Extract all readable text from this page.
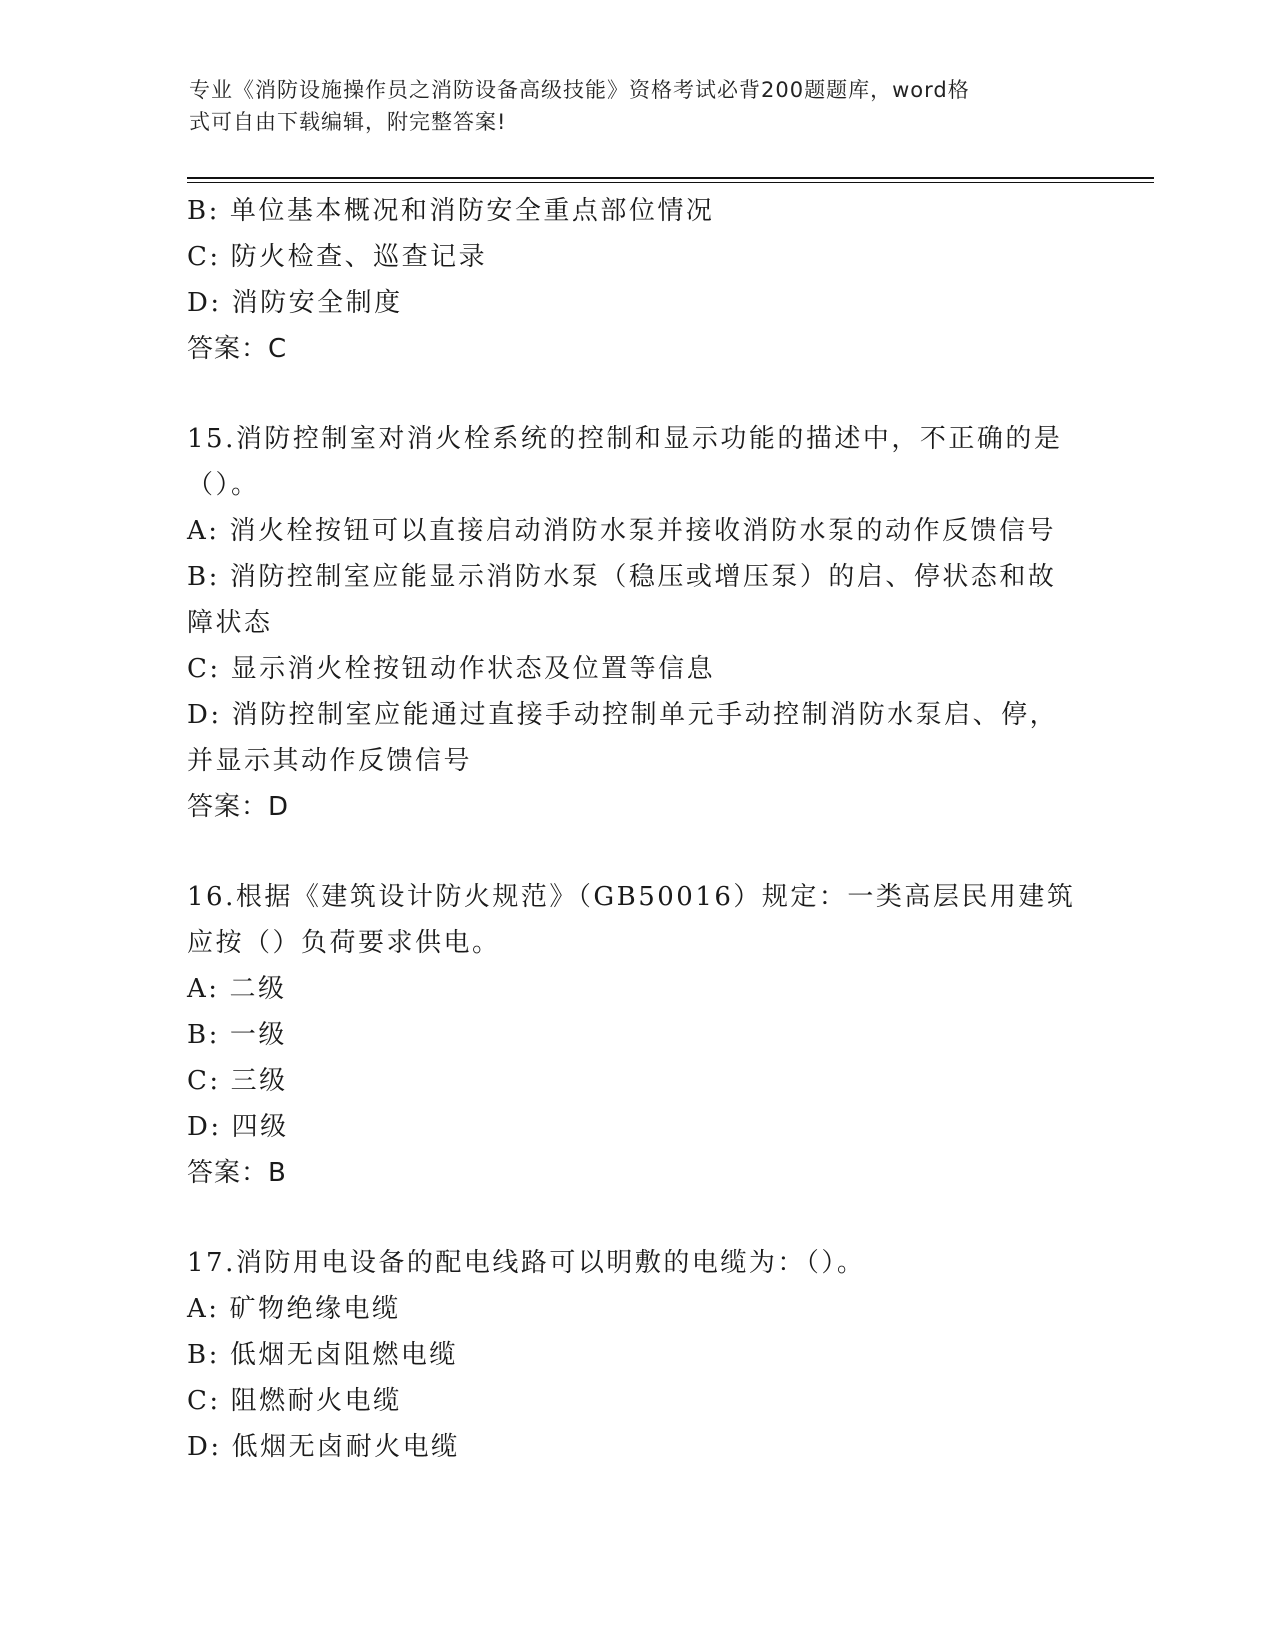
专业《消防设施操作员之消防设备高级技能》资格考试必背200题题库，word格
式可自由下载编辑，附完整答案!
B: 单位基本概况和消防安全重点部位情况
C: 防火检查、巡查记录
D: 消防安全制度
答案：C
15.消防控制室对消火栓系统的控制和显示功能的描述中，不正确的是
（）。
A: 消火栓按钮可以直接启动消防水泵并接收消防水泵的动作反馈信号
B: 消防控制室应能显示消防水泵（稳压或增压泵）的启、停状态和故
障状态
C: 显示消火栓按钮动作状态及位置等信息
D: 消防控制室应能通过直接手动控制单元手动控制消防水泵启、停，
并显示其动作反馈信号
答案：D
16.根据《建筑设计防火规范》（GB50016）规定：一类高层民用建筑
应按（）负荷要求供电。
A: 二级
B: 一级
C: 三级
D: 四级
答案：B
17.消防用电设备的配电线路可以明敷的电缆为：（）。
A: 矿物绝缘电缆
B: 低烟无卤阻燃电缆
C: 阻燃耐火电缆
D: 低烟无卤耐火电缆
